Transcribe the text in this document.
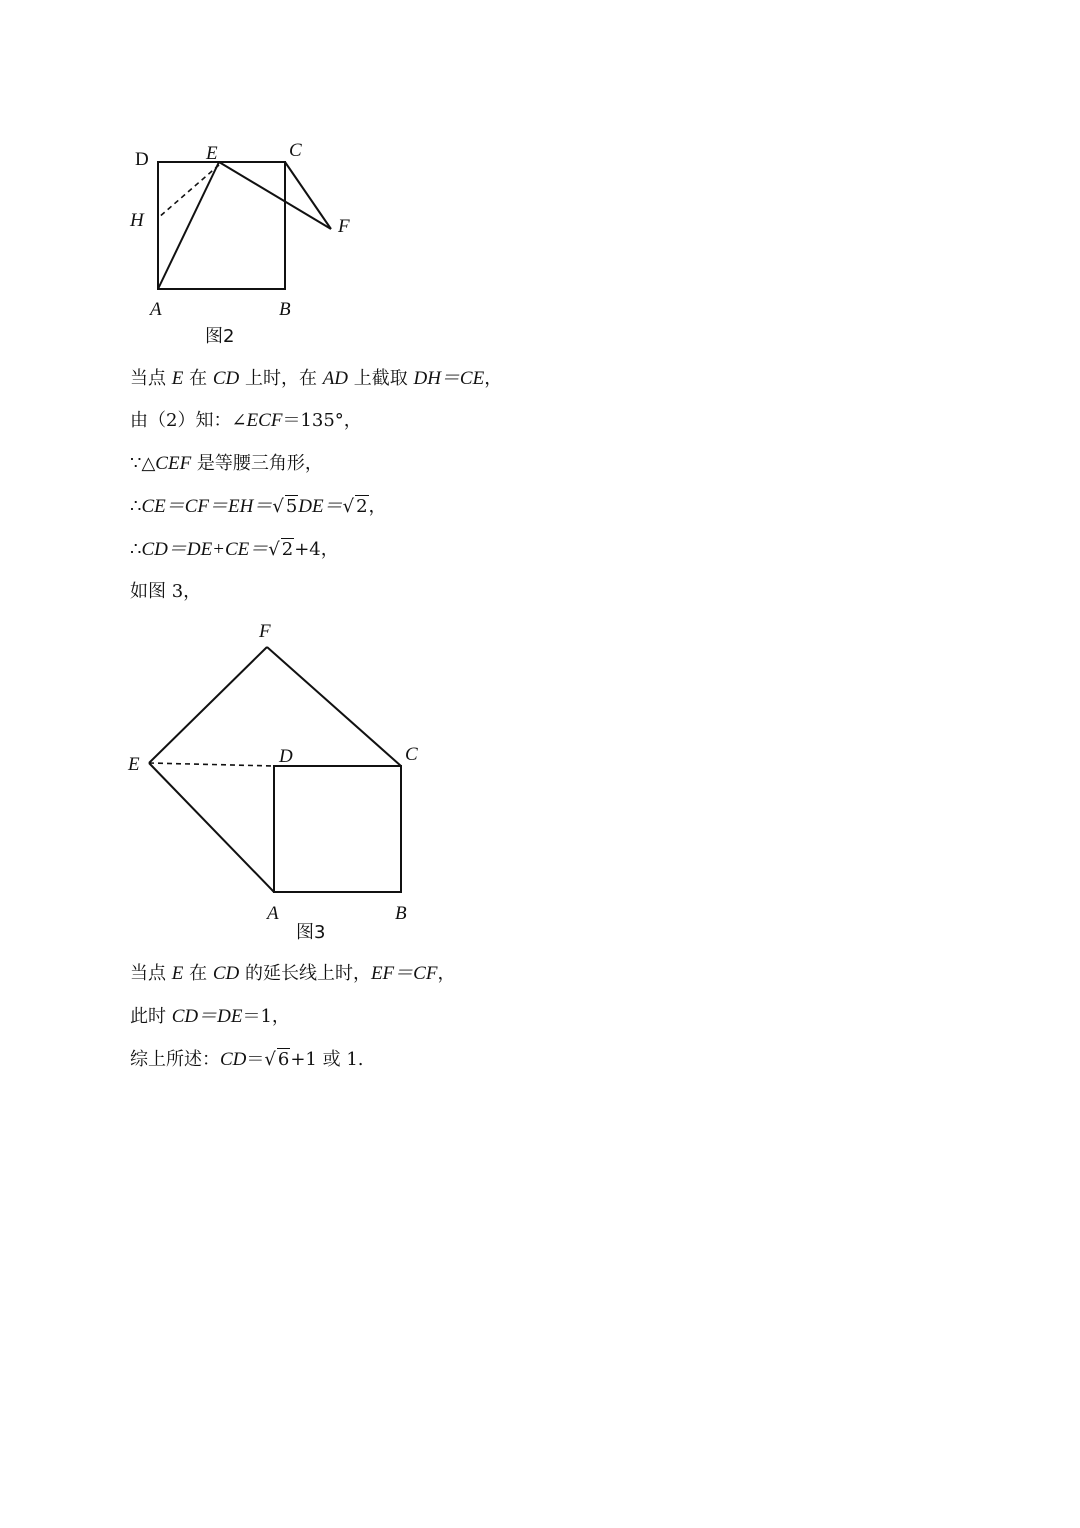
D	E	C
H	F
A	B
图2
当点 E 在 CD 上时，在 AD 上截取 DH＝CE，
由（2）知：∠ECF＝135°，
∵△CEF 是等腰三角形，
∴CE＝CF＝EH＝√ 5DE＝√ 2，
∴CD＝DE+CE＝√ 2+4，
如图 3，
F
E	D	C
A	B
图3
当点 E 在 CD 的延长线上时，EF＝CF，
此时 CD＝DE＝1，
综上所述：CD＝√ 6+1 或 1.
